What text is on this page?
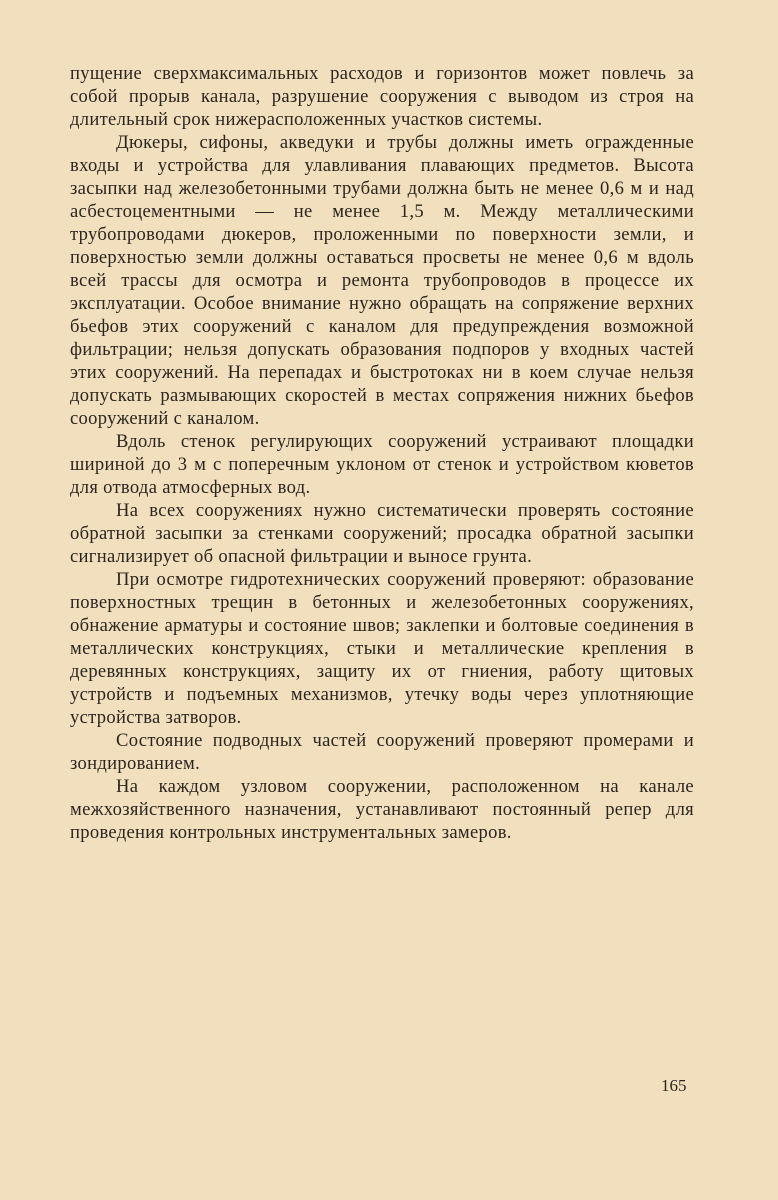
пущение сверхмаксимальных расходов и горизонтов может повлечь за собой прорыв канала, разрушение сооружения с выводом из строя на длительный срок нижерасположенных участков системы.

Дюкеры, сифоны, акведуки и трубы должны иметь огражденные входы и устройства для улавливания плавающих предметов. Высота засыпки над железобетонными трубами должна быть не менее 0,6 м и над асбестоцементными — не менее 1,5 м. Между металлическими трубопроводами дюкеров, проложенными по поверхности земли, и поверхностью земли должны оставаться просветы не менее 0,6 м вдоль всей трассы для осмотра и ремонта трубопроводов в процессе их эксплуатации. Особое внимание нужно обращать на сопряжение верхних бьефов этих сооружений с каналом для предупреждения возможной фильтрации; нельзя допускать образования подпоров у входных частей этих сооружений. На перепадах и быстротоках ни в коем случае нельзя допускать размывающих скоростей в местах сопряжения нижних бьефов сооружений с каналом.

Вдоль стенок регулирующих сооружений устраивают площадки шириной до 3 м с поперечным уклоном от стенок и устройством кюветов для отвода атмосферных вод.

На всех сооружениях нужно систематически проверять состояние обратной засыпки за стенками сооружений; просадка обратной засыпки сигнализирует об опасной фильтрации и выносе грунта.

При осмотре гидротехнических сооружений проверяют: образование поверхностных трещин в бетонных и железобетонных сооружениях, обнажение арматуры и состояние швов; заклепки и болтовые соединения в металлических конструкциях, стыки и металлические крепления в деревянных конструкциях, защиту их от гниения, работу щитовых устройств и подъемных механизмов, утечку воды через уплотняющие устройства затворов.

Состояние подводных частей сооружений проверяют промерами и зондированием.

На каждом узловом сооружении, расположенном на канале межхозяйственного назначения, устанавливают постоянный репер для проведения контрольных инструментальных замеров.

165
